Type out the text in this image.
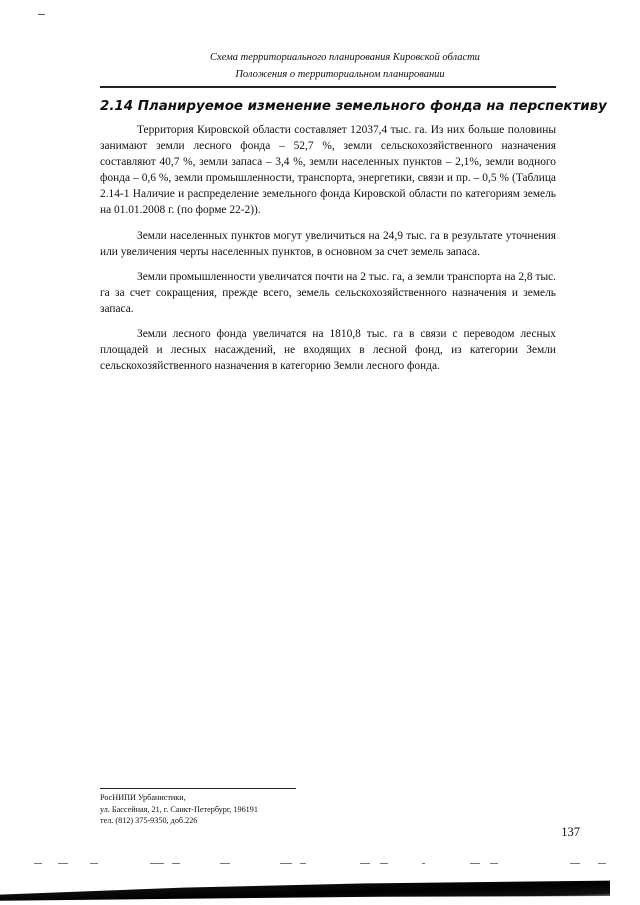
Схема территориального планирования Кировской области
Положения о территориальном планировании
2.14 Планируемое изменение земельного фонда на перспективу

Территория Кировской области составляет 12037,4 тыс. га. Из них больше половины занимают земли лесного фонда – 52,7 %, земли сельскохозяйственного назначения составляют 40,7 %, земли запаса – 3,4 %, земли населенных пунктов – 2,1%, земли водного фонда – 0,6 %, земли промышленности, транспорта, энергетики, связи и пр. – 0,5 % (Таблица 2.14-1 Наличие и распределение земельного фонда Кировской области по категориям земель на 01.01.2008 г. (по форме 22-2)).

Земли населенных пунктов могут увеличиться на 24,9 тыс. га в результате уточнения или увеличения черты населенных пунктов, в основном за счет земель запаса.

Земли промышленности увеличатся почти на 2 тыс. га, а земли транспорта на 2,8 тыс. га за счет сокращения, прежде всего, земель сельскохозяйственного назначения и земель запаса.

Земли лесного фонда увеличатся на 1810,8 тыс. га в связи с переводом лесных площадей и лесных насаждений, не входящих в лесной фонд, из категории Земли сельскохозяйственного назначения в категорию Земли лесного фонда.

РосНИПИ Урбанистики,
ул. Бассейная, 21, г. Санкт-Петербург, 196191
тел. (812) 375-9350, доб.226
137
